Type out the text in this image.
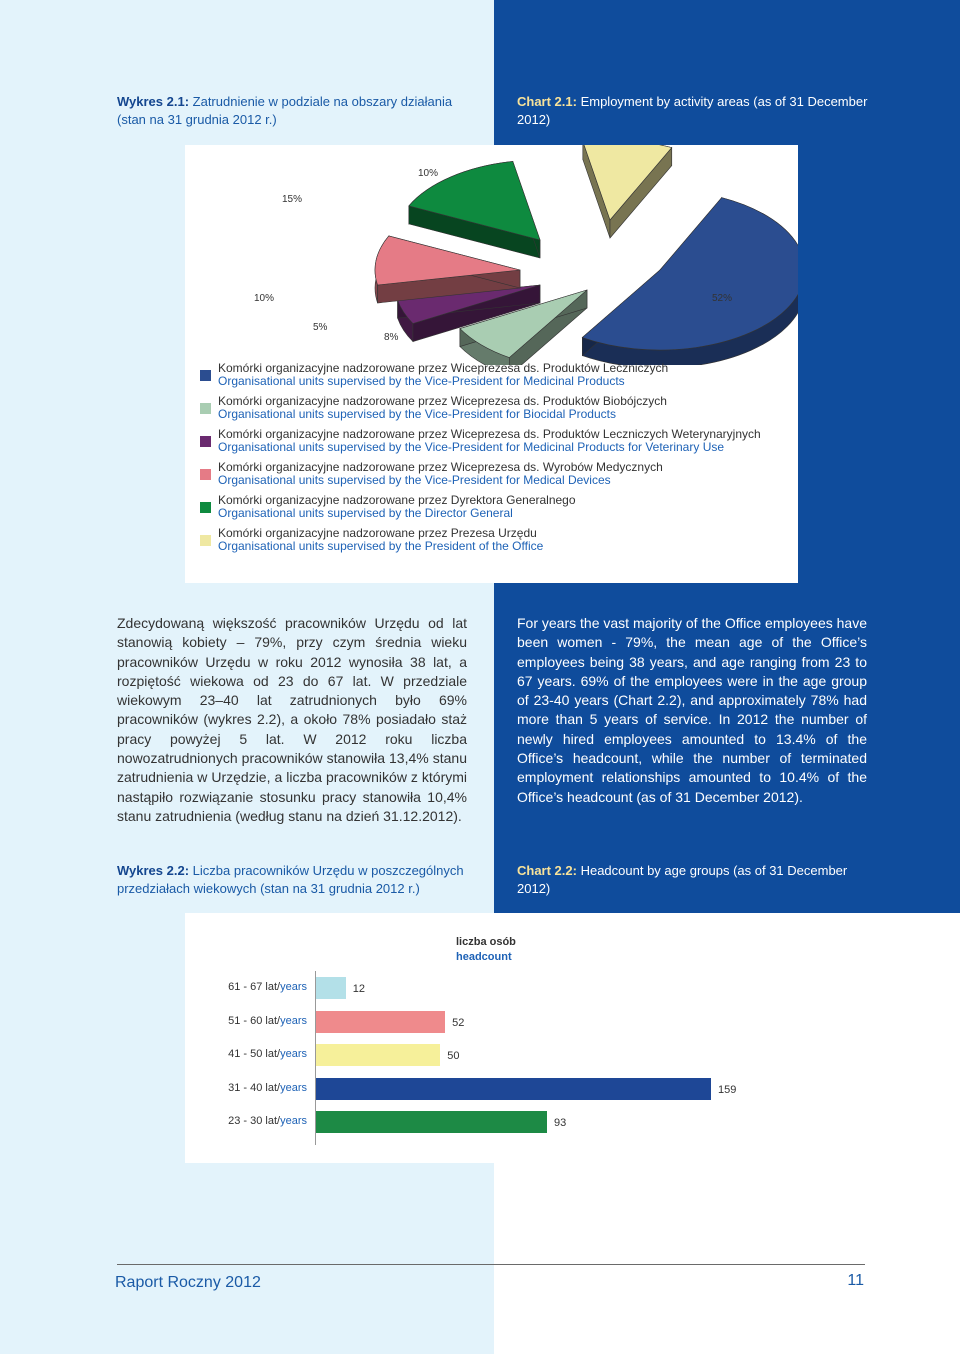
Wykres 2.1: Zatrudnienie w podziale na obszary działania (stan na 31 grudnia 2012 r.)
Chart 2.1: Employment by activity areas (as of 31 December 2012)
10%
15%
10%	52%
5%
8%
Komórki organizacyjne nadzorowane przez Wiceprezesa ds. Produktów Leczniczych
Organisational units supervised by the Vice-President for Medicinal Products
Komórki organizacyjne nadzorowane przez Wiceprezesa ds. Produktów Biobójczych
Organisational units supervised by the Vice-President for Biocidal Products
Komórki organizacyjne nadzorowane przez Wiceprezesa ds. Produktów Leczniczych Weterynaryjnych
Organisational units supervised by the Vice-President for Medicinal Products for Veterinary Use
Komórki organizacyjne nadzorowane przez Wiceprezesa ds. Wyrobów Medycznych
Organisational units supervised by the Vice-President for Medical Devices
Komórki organizacyjne nadzorowane przez Dyrektora Generalnego
Organisational units supervised by the Director General
Komórki organizacyjne nadzorowane przez Prezesa Urzędu
Organisational units supervised by the President of the Office
Zdecydowaną większość pracowników Urzędu od lat stanowią kobiety – 79%, przy czym średnia wieku pracowników Urzędu w roku 2012 wynosiła 38 lat, a rozpiętość wiekowa od 23 do 67 lat. W przedziale wiekowym 23–40 lat zatrudnionych było 69% pracowników (wykres 2.2), a około 78% posiadało staż pracy powyżej 5 lat. W 2012 roku liczba nowozatrudnionych pracowników stanowiła 13,4% stanu zatrudnienia w Urzędzie, a liczba pracowników z którymi nastąpiło rozwiązanie stosunku pracy stanowiła 10,4% stanu zatrudnienia (według stanu na dzień 31.12.2012).
For years the vast majority of the Office employees have been women - 79%, the mean age of the Office’s employees being 38 years, and age ranging from 23 to 67 years. 69% of the employees were in the age group of 23-40 years (Chart 2.2), and approximately 78% had more than 5 years of service. In 2012 the number of newly hired employees amounted to 13.4% of the Office’s headcount, while the number of terminated employment relationships amounted to 10.4% of the Office’s headcount (as of 31 December 2012).
Wykres 2.2: Liczba pracowników Urzędu w poszczególnych przedziałach wiekowych (stan na 31 grudnia 2012 r.)
Chart 2.2: Headcount by age groups (as of 31 December 2012)
liczba osób
headcount
61 - 67 lat/years	12
51 - 60 lat/years	52
41 - 50 lat/years	50
31 - 40 lat/years	159
23 - 30 lat/years	93
Raport Roczny 2012	11
